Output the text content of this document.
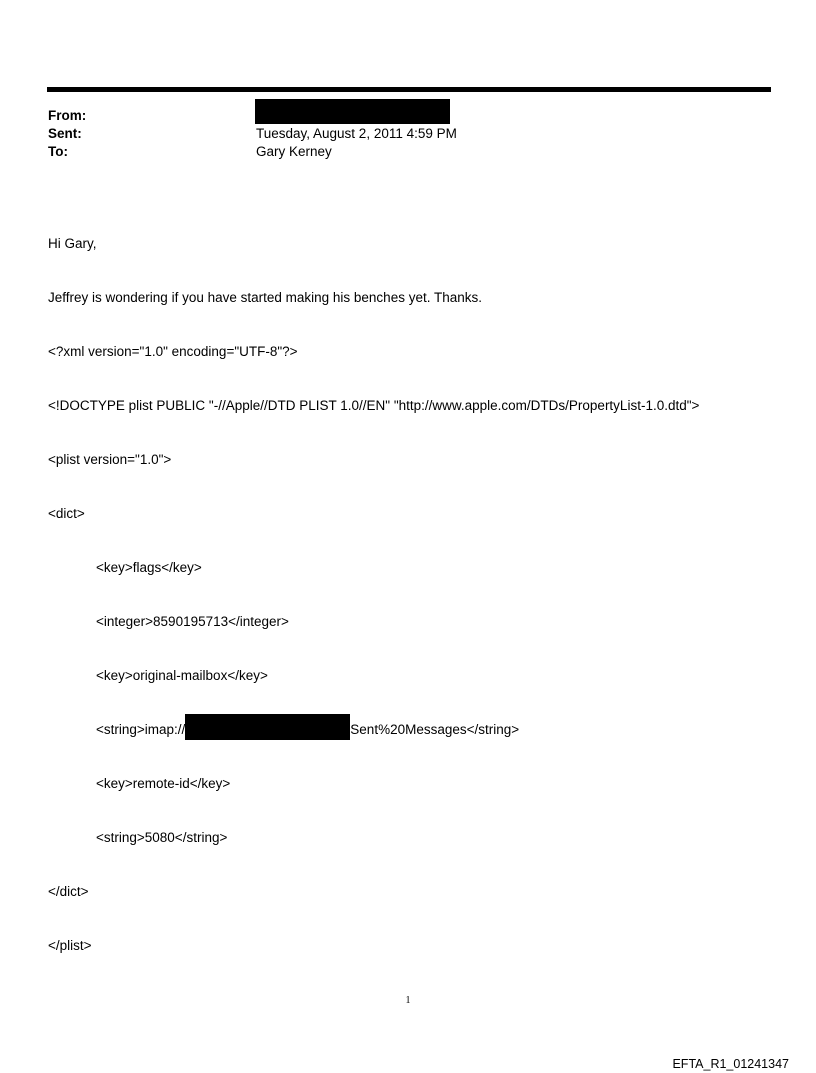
From:
Sent:	Tuesday, August 2, 2011 4:59 PM
To:	Gary Kerney

Hi Gary,

Jeffrey is wondering if you have started making his benches yet. Thanks.

<?xml version="1.0" encoding="UTF-8"?>

<!DOCTYPE plist PUBLIC "-//Apple//DTD PLIST 1.0//EN" "http://www.apple.com/DTDs/PropertyList-1.0.dtd">

<plist version="1.0">

<dict>

<key>flags</key>

<integer>8590195713</integer>

<key>original-mailbox</key>

<string>imap://	Sent%20Messages</string>

<key>remote-id</key>

<string>5080</string>

</dict>

</plist>

1
EFTA_R1_01241347
